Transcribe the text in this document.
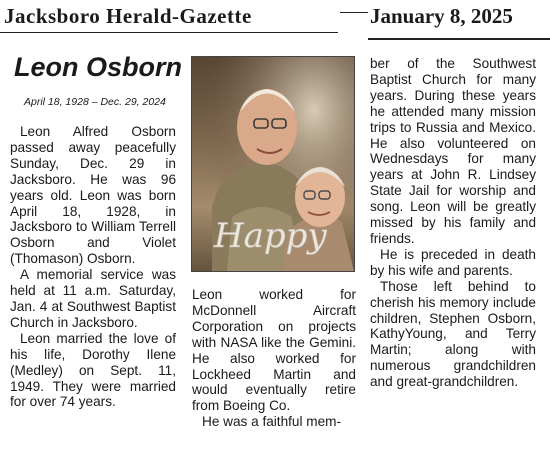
Jacksboro Herald-Gazette	January 8, 2025
Leon Osborn
April 18, 1928 – Dec. 29, 2024

Leon Alfred Osborn passed away peacefully Sunday, Dec. 29 in Jacksboro. He was 96 years old. Leon was born April 18, 1928, in Jacksboro to William Terrell Osborn and Violet (Thomason) Osborn.

A memorial service was held at 11 a.m. Saturday, Jan. 4 at Southwest Baptist Church in Jacksboro.

Leon married the love of his life, Dorothy Ilene (Medley) on Sept. 11, 1949. They were married for over 74 years.

Happy

Leon worked for McDonnell Aircraft Corporation on projects with NASA like the Gemini. He also worked for Lockheed Martin and would eventually retire from Boeing Co.

He was a faithful mem-

ber of the Southwest Baptist Church for many years. During these years he attended many mission trips to Russia and Mexico. He also volunteered on Wednesdays for many years at John R. Lindsey State Jail for worship and song. Leon will be greatly missed by his family and friends.

He is preceded in death by his wife and parents.

Those left behind to cherish his memory include children, Stephen Osborn, KathyYoung, and Terry Martin; along with numerous grandchildren and great-grandchildren.
